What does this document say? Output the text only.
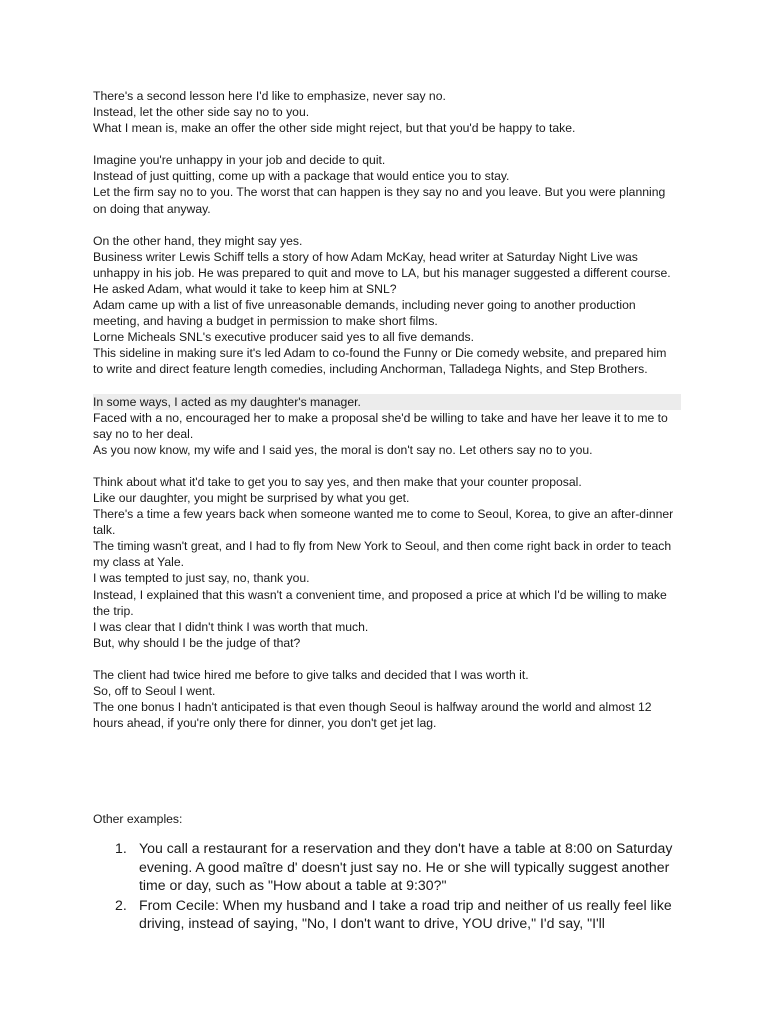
There's a second lesson here I'd like to emphasize, never say no.
Instead, let the other side say no to you.
What I mean is, make an offer the other side might reject, but that you'd be happy to take.
Imagine you're unhappy in your job and decide to quit.
Instead of just quitting, come up with a package that would entice you to stay.
Let the firm say no to you. The worst that can happen is they say no and you leave. But you were planning on doing that anyway.
On the other hand, they might say yes.
Business writer Lewis Schiff tells a story of how Adam McKay, head writer at Saturday Night Live was unhappy in his job. He was prepared to quit and move to LA, but his manager suggested a different course.
He asked Adam, what would it take to keep him at SNL?
Adam came up with a list of five unreasonable demands, including never going to another production meeting, and having a budget in permission to make short films.
Lorne Micheals SNL's executive producer said yes to all five demands.
This sideline in making sure it's led Adam to co-found the Funny or Die comedy website, and prepared him to write and direct feature length comedies, including Anchorman, Talladega Nights, and Step Brothers.
In some ways, I acted as my daughter's manager.
Faced with a no, encouraged her to make a proposal she'd be willing to take and have her leave it to me to say no to her deal.
As you now know, my wife and I said yes, the moral is don't say no. Let others say no to you.
Think about what it'd take to get you to say yes, and then make that your counter proposal.
Like our daughter, you might be surprised by what you get.
There's a time a few years back when someone wanted me to come to Seoul, Korea, to give an after-dinner talk.
The timing wasn't great, and I had to fly from New York to Seoul, and then come right back in order to teach my class at Yale.
I was tempted to just say, no, thank you.
Instead, I explained that this wasn't a convenient time, and proposed a price at which I'd be willing to make the trip.
I was clear that I didn't think I was worth that much.
But, why should I be the judge of that?
The client had twice hired me before to give talks and decided that I was worth it.
So, off to Seoul I went.
The one bonus I hadn't anticipated is that even though Seoul is halfway around the world and almost 12 hours ahead, if you're only there for dinner, you don't get jet lag.
Other examples:
1. You call a restaurant for a reservation and they don't have a table at 8:00 on Saturday evening. A good maître d' doesn't just say no. He or she will typically suggest another time or day, such as "How about a table at 9:30?"
2. From Cecile: When my husband and I take a road trip and neither of us really feel like driving, instead of saying, "No, I don't want to drive, YOU drive," I'd say, "I'll
